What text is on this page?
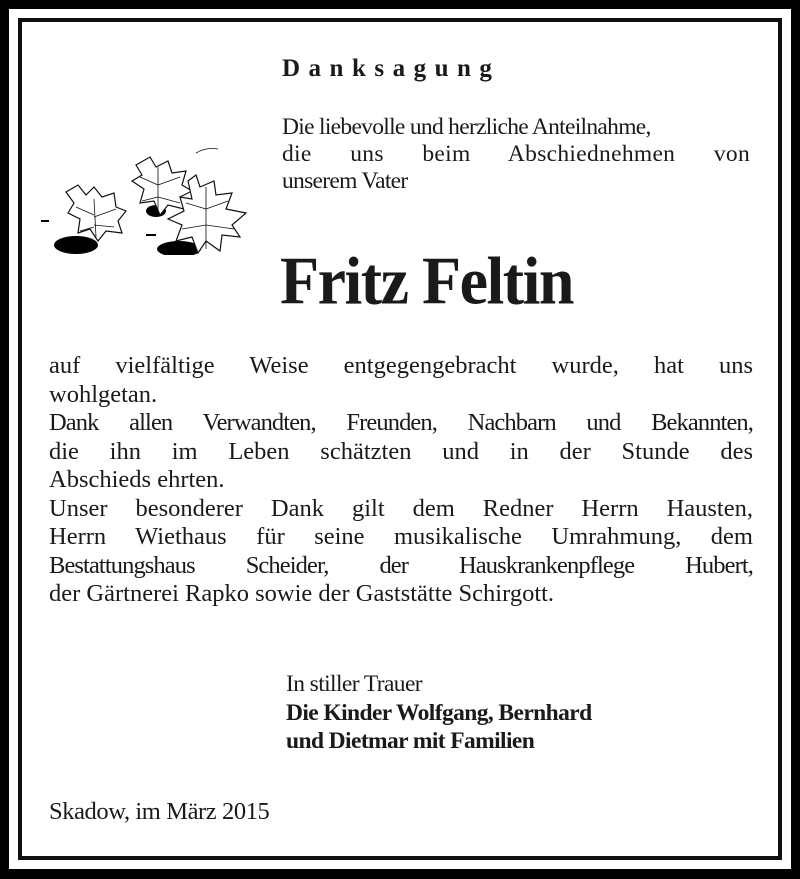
Danksagung
Die liebevolle und herzliche Anteilnahme,
die uns beim Abschiednehmen von
unserem Vater
Fritz Feltin
auf vielfältige Weise entgegengebracht wurde, hat uns
wohlgetan.
Dank allen Verwandten, Freunden, Nachbarn und Bekannten,
die ihn im Leben schätzten und in der Stunde des
Abschieds ehrten.
Unser besonderer Dank gilt dem Redner Herrn Hausten,
Herrn Wiethaus für seine musikalische Umrahmung, dem
Bestattungshaus Scheider, der Hauskrankenpflege Hubert,
der Gärtnerei Rapko sowie der Gaststätte Schirgott.
In stiller Trauer
Die Kinder Wolfgang, Bernhard
und Dietmar mit Familien
Skadow, im März 2015
